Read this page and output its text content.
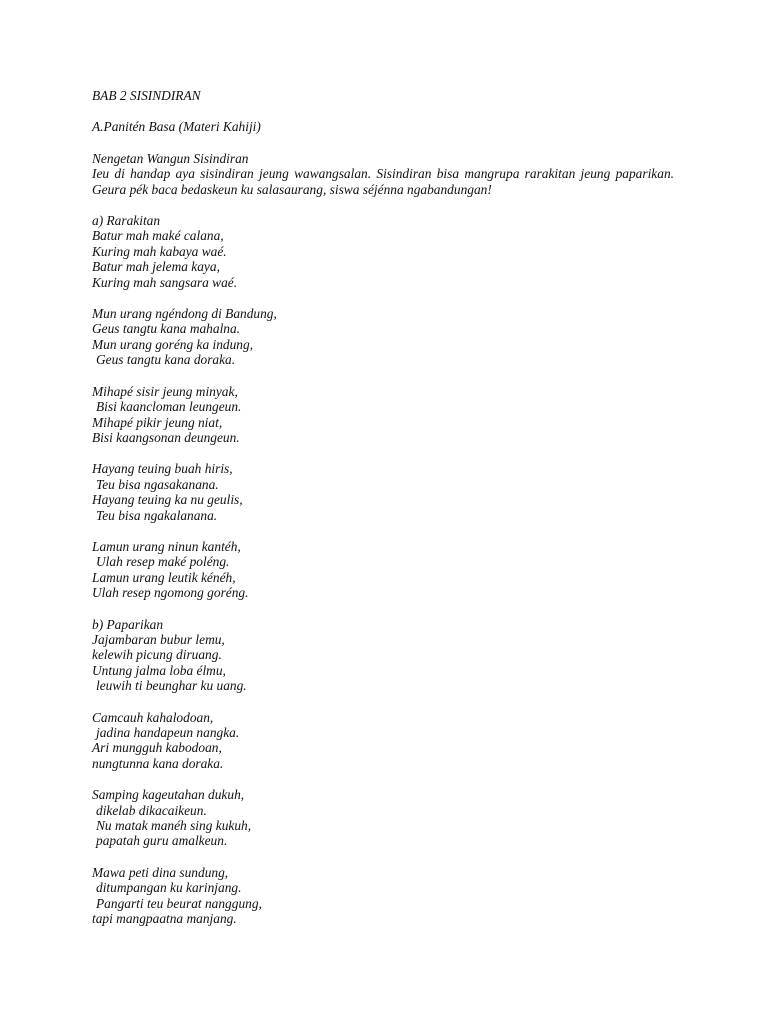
BAB 2 SISINDIRAN

A.Panitén Basa (Materi Kahiji)

Nengetan Wangun Sisindiran

Ieu di handap aya sisindiran jeung wawangsalan. Sisindiran bisa mangrupa rarakitan jeung paparikan. Geura pék baca bedaskeun ku salasaurang, siswa séjénna ngabandungan!

a) Rarakitan

Batur mah maké calana,

Kuring mah kabaya waé.

Batur mah jelema kaya,

Kuring mah sangsara waé.

Mun urang ngéndong di Bandung,

Geus tangtu kana mahalna.

Mun urang goréng ka indung,

Geus tangtu kana doraka.

Mihapé sisir jeung minyak,

Bisi kaancloman leungeun.

Mihapé pikir jeung niat,

Bisi kaangsonan deungeun.

Hayang teuing buah hiris,

Teu bisa ngasakanana.

Hayang teuing ka nu geulis,

Teu bisa ngakalanana.

Lamun urang ninun kantéh,

Ulah resep maké poléng.

Lamun urang leutik kénéh,

Ulah resep ngomong goréng.

b) Paparikan

Jajambaran bubur lemu,

kelewih picung diruang.

Untung jalma loba élmu,

leuwih ti beunghar ku uang.

Camcauh kahalodoan,

jadina handapeun nangka.

Ari mungguh kabodoan,

nungtunna kana doraka.

Samping kageutahan dukuh,

dikelab dikacaikeun.

Nu matak manéh sing kukuh,

papatah guru amalkeun.

Mawa peti dina sundung,

ditumpangan ku karinjang.

Pangarti teu beurat nanggung,

tapi mangpaatna manjang.
